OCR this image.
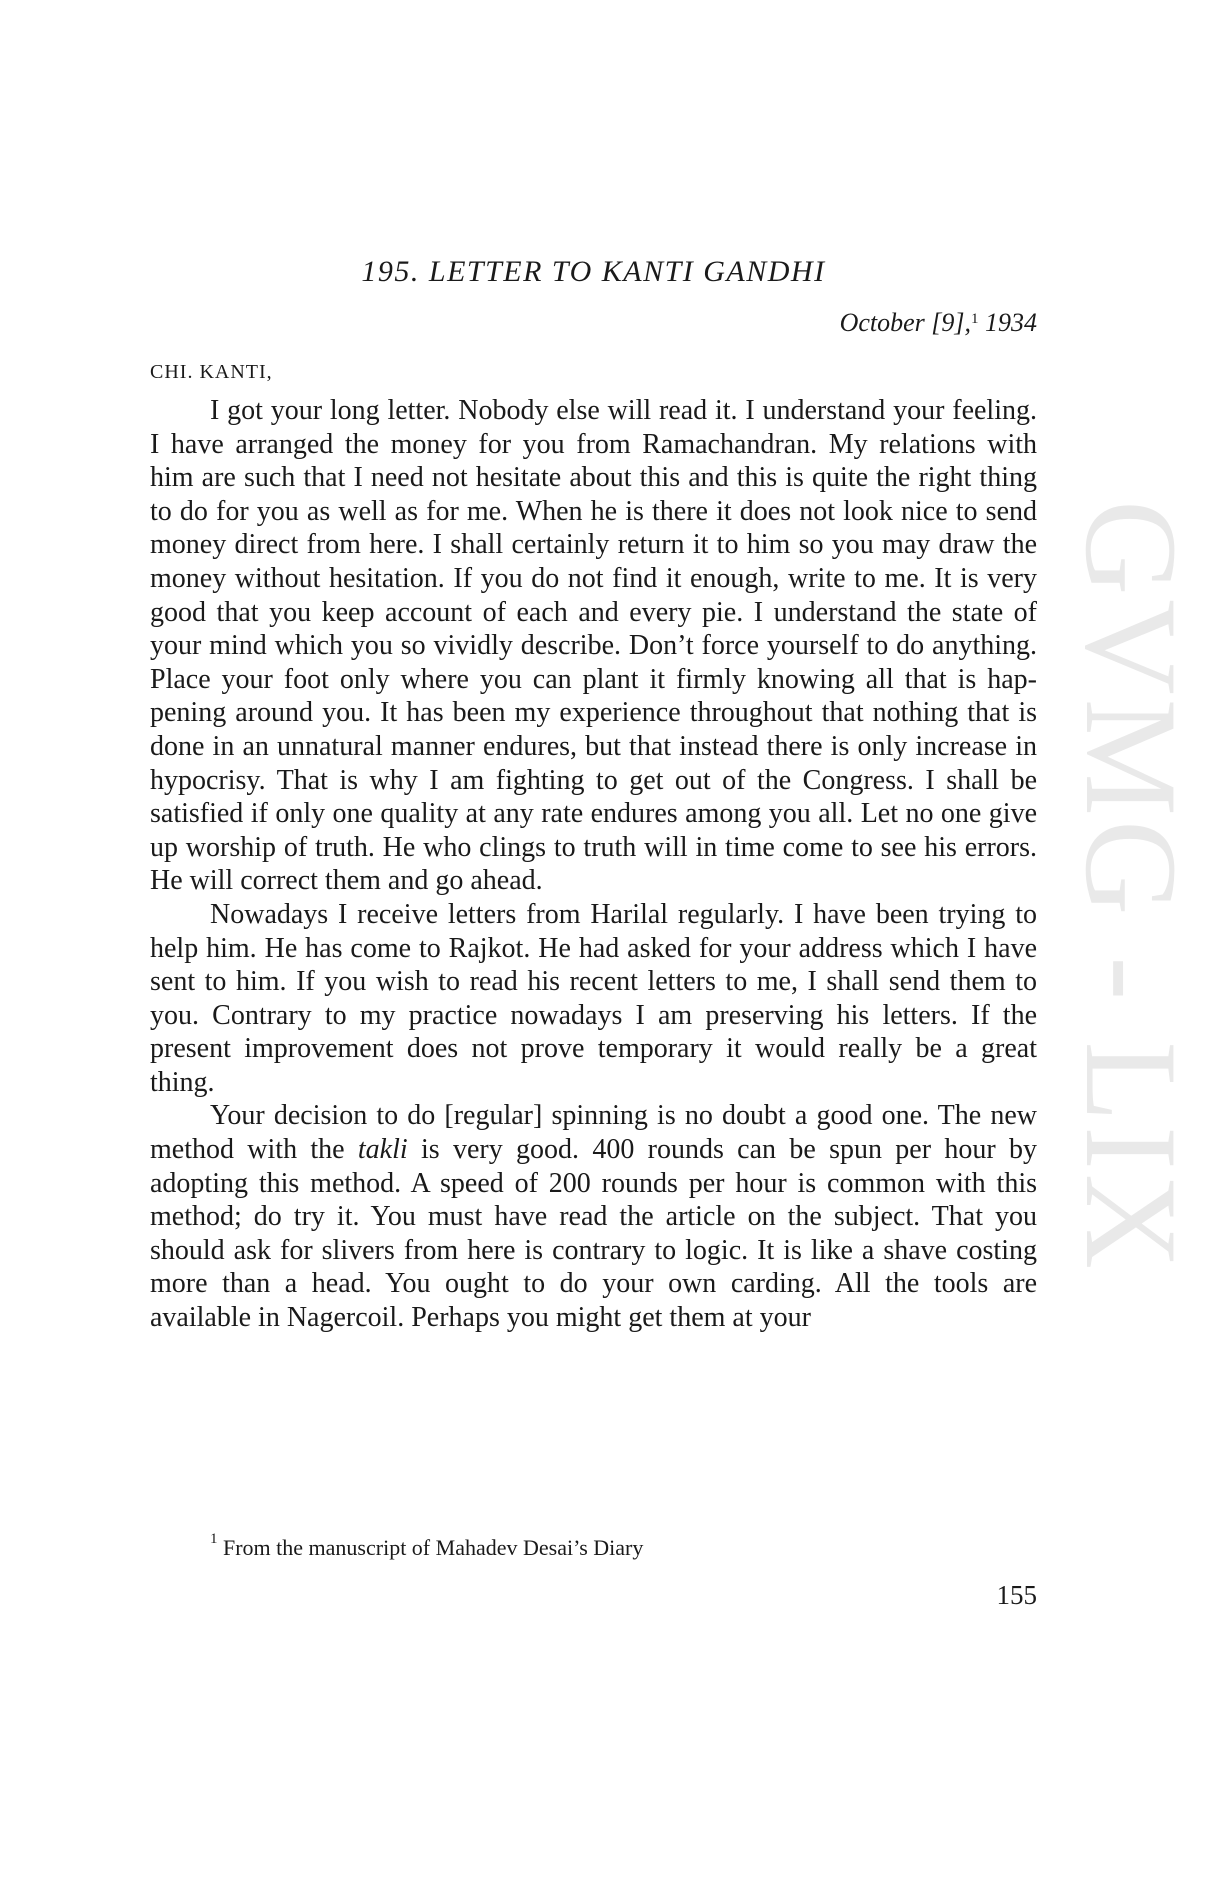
GVMG - LIX

195. LETTER TO KANTI GANDHI

October [9],$^1$ 1934

CHI. KANTI,

I got your long letter. Nobody else will read it. I understand your feeling. I have arranged the money for you from Ramachandran. My relations with him are such that I need not hesitate about this and this is quite the right thing to do for you as well as for me. When he is there it does not look nice to send money direct from here. I shall certainly return it to him so you may draw the money without hesitation. If you do not find it enough, write to me. It is very good that you keep account of each and every pie. I understand the state of your mind which you so vividly describe. Don’t force yourself to do anything. Place your foot only where you can plant it firmly knowing all that is happening around you. It has been my experience throughout that nothing that is done in an unnatural manner endures, but that instead there is only increase in hypocrisy. That is why I am fighting to get out of the Congress. I shall be satisfied if only one quality at any rate endures among you all. Let no one give up worship of truth. He who clings to truth will in time come to see his errors. He will correct them and go ahead.

Nowadays I receive letters from Harilal regularly. I have been trying to help him. He has come to Rajkot. He had asked for your address which I have sent to him. If you wish to read his recent letters to me, I shall send them to you. Contrary to my practice nowadays I am preserving his letters. If the present improvement does not prove temporary it would really be a great thing.

Your decision to do [regular] spinning is no doubt a good one. The new method with the takli is very good. 400 rounds can be spun per hour by adopting this method. A speed of 200 rounds per hour is common with this method; do try it. You must have read the article on the subject. That you should ask for slivers from here is contrary to logic. It is like a shave costing more than a head. You ought to do your own carding. All the tools are available in Nagercoil. Perhaps you might get them at your

$^1$ From the manuscript of Mahadev Desai’s Diary

155
